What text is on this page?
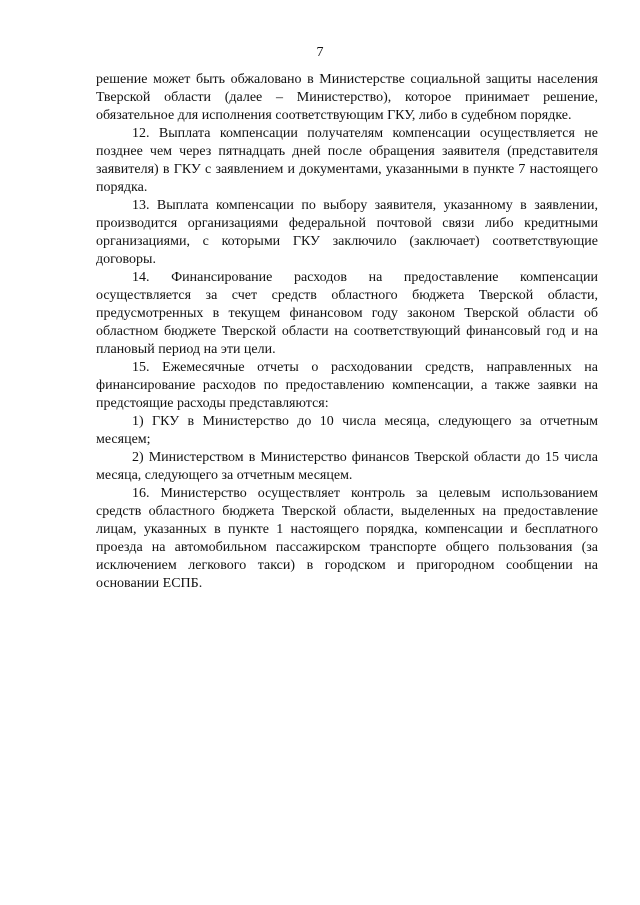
7

решение может быть обжаловано в Министерстве социальной защиты населения Тверской области (далее – Министерство), которое принимает решение, обязательное для исполнения соответствующим ГКУ, либо в судебном порядке.

12. Выплата компенсации получателям компенсации осуществляется не позднее чем через пятнадцать дней после обращения заявителя (представителя заявителя) в ГКУ с заявлением и документами, указанными в пункте 7 настоящего порядка.

13. Выплата компенсации по выбору заявителя, указанному в заявлении, производится организациями федеральной почтовой связи либо кредитными организациями, с которыми ГКУ заключило (заключает) соответствующие договоры.

14. Финансирование расходов на предоставление компенсации осуществляется за счет средств областного бюджета Тверской области, предусмотренных в текущем финансовом году законом Тверской области об областном бюджете Тверской области на соответствующий финансовый год и на плановый период на эти цели.

15. Ежемесячные отчеты о расходовании средств, направленных на финансирование расходов по предоставлению компенсации, а также заявки на предстоящие расходы представляются:

1) ГКУ в Министерство до 10 числа месяца, следующего за отчетным месяцем;

2) Министерством в Министерство финансов Тверской области до 15 числа месяца, следующего за отчетным месяцем.

16. Министерство осуществляет контроль за целевым использованием средств областного бюджета Тверской области, выделенных на предоставление лицам, указанных в пункте 1 настоящего порядка, компенсации и бесплатного проезда на автомобильном пассажирском транспорте общего пользования (за исключением легкового такси) в городском и пригородном сообщении на основании ЕСПБ.
